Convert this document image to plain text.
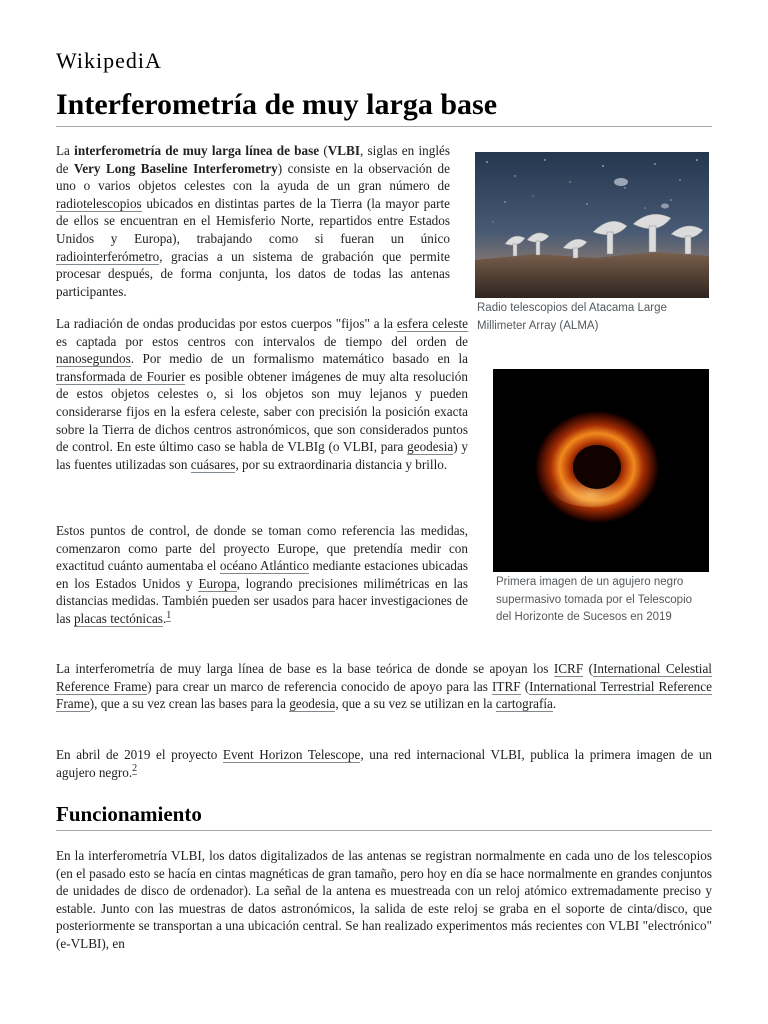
WikipediA
Interferometría de muy larga base

La interferometría de muy larga línea de base (VLBI, siglas en inglés de Very Long Baseline Interferometry) consiste en la observación de uno o varios objetos celestes con la ayuda de un gran número de radiotelescopios ubicados en distintas partes de la Tierra (la mayor parte de ellos se encuentran en el Hemisferio Norte, repartidos entre Estados Unidos y Europa), trabajando como si fueran un único radiointerferómetro, gracias a un sistema de grabación que permite procesar después, de forma conjunta, los datos de todas las antenas participantes.

La radiación de ondas producidas por estos cuerpos "fijos" a la esfera celeste es captada por estos centros con intervalos de tiempo del orden de nanosegundos. Por medio de un formalismo matemático basado en la transformada de Fourier es posible obtener imágenes de muy alta resolución de estos objetos celestes o, si los objetos son muy lejanos y pueden considerarse fijos en la esfera celeste, saber con precisión la posición exacta sobre la Tierra de dichos centros astronómicos, que son considerados puntos de control. En este último caso se habla de VLBIg (o VLBI, para geodesia) y las fuentes utilizadas son cuásares, por su extraordinaria distancia y brillo.

Estos puntos de control, de donde se toman como referencia las medidas, comenzaron como parte del proyecto Europe, que pretendía medir con exactitud cuánto aumentaba el océano Atlántico mediante estaciones ubicadas en los Estados Unidos y Europa, logrando precisiones milimétricas en las distancias medidas. También pueden ser usados para hacer investigaciones de las placas tectónicas.$^1$

La interferometría de muy larga línea de base es la base teórica de donde se apoyan los ICRF (International Celestial Reference Frame) para crear un marco de referencia conocido de apoyo para las ITRF (International Terrestrial Reference Frame), que a su vez crean las bases para la geodesia, que a su vez se utilizan en la cartografía.

En abril de 2019 el proyecto Event Horizon Telescope, una red internacional VLBI, publica la primera imagen de un agujero negro.$^2$

Funcionamiento

En la interferometría VLBI, los datos digitalizados de las antenas se registran normalmente en cada uno de los telescopios (en el pasado esto se hacía en cintas magnéticas de gran tamaño, pero hoy en día se hace normalmente en grandes conjuntos de unidades de disco de ordenador). La señal de la antena es muestreada con un reloj atómico extremadamente preciso y estable. Junto con las muestras de datos astronómicos, la salida de este reloj se graba en el soporte de cinta/disco, que posteriormente se transportan a una ubicación central. Se han realizado experimentos más recientes con VLBI "electrónico" (e-VLBI), en

Radio telescopios del Atacama Large Millimeter Array (ALMA)
Primera imagen de un agujero negro supermasivo tomada por el Telescopio del Horizonte de Sucesos en 2019
